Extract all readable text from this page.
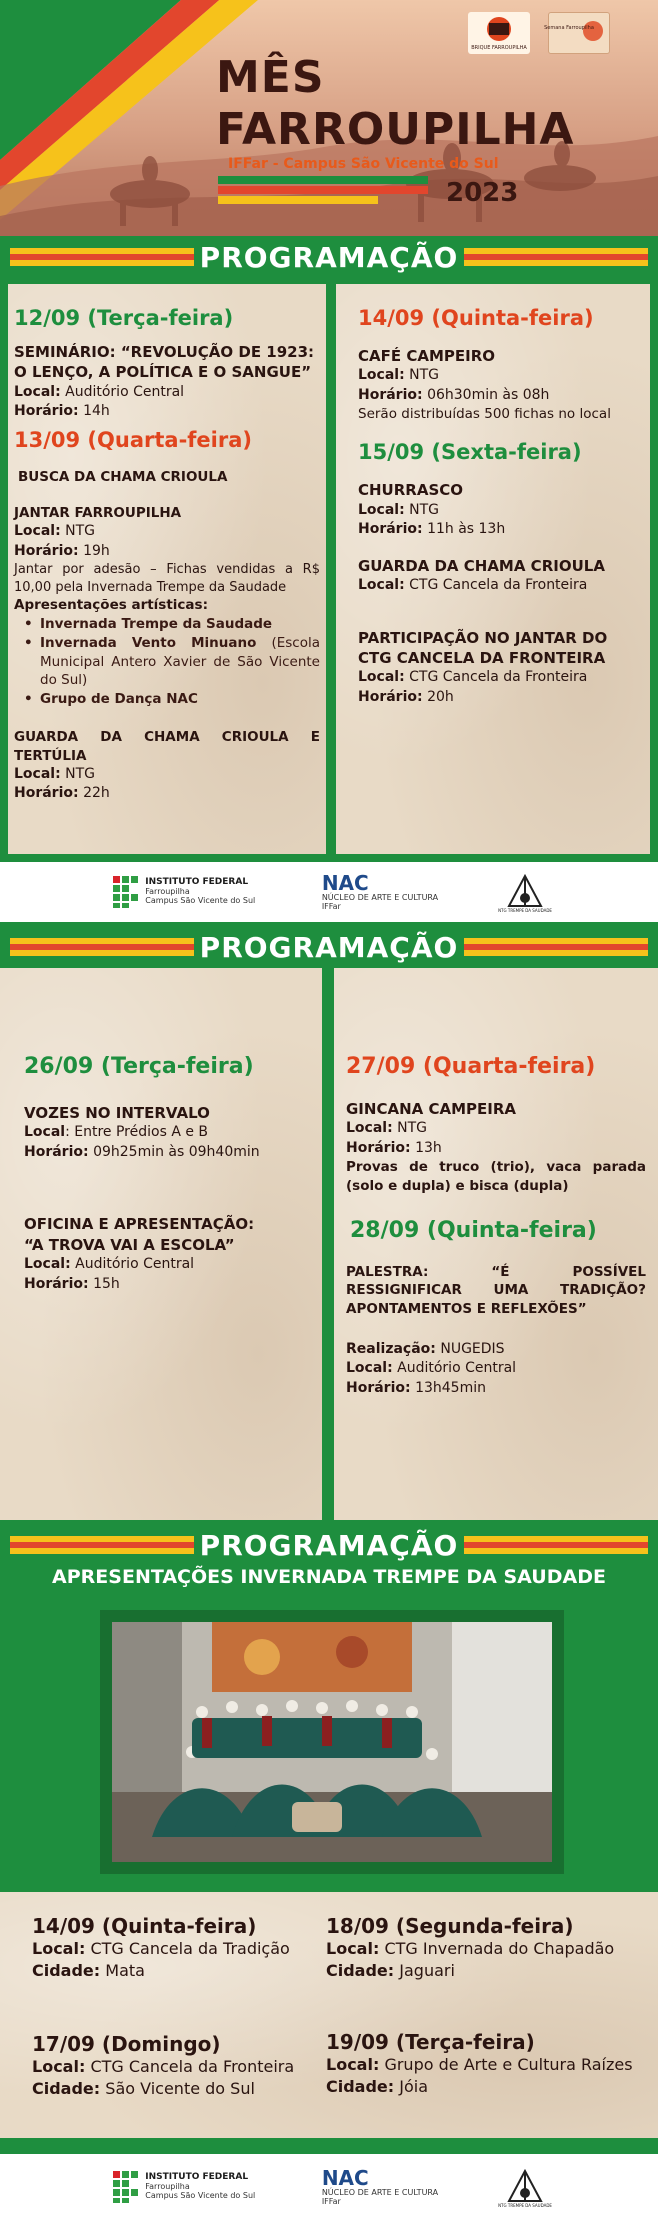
BRIQUE FARROUPILHA
Semana Farroupilha
MÊS
FARROUPILHA
IFFar - Campus São Vicente do Sul
2023
PROGRAMAÇÃO
12/09 (Terça-feira)
SEMINÁRIO: “REVOLUÇÃO DE 1923:
O LENÇO, A POLÍTICA E O SANGUE”
Local: Auditório Central
Horário: 14h
13/09 (Quarta-feira)
BUSCA DA CHAMA CRIOULA
JANTAR FARROUPILHA
Local: NTG
Horário: 19h
Jantar por adesão – Fichas vendidas a R$ 10,00 pela Invernada Trempe da Saudade
Apresentações artísticas:
• Invernada Trempe da Saudade
• Invernada Vento Minuano (Escola Municipal Antero Xavier de São Vicente do Sul)
• Grupo de Dança NAC
GUARDA DA CHAMA CRIOULA E TERTÚLIA
Local: NTG
Horário: 22h
14/09 (Quinta-feira)
CAFÉ CAMPEIRO
Local: NTG
Horário: 06h30min às 08h
Serão distribuídas 500 fichas no local
15/09 (Sexta-feira)
CHURRASCO
Local: NTG
Horário: 11h às 13h
GUARDA DA CHAMA CRIOULA
Local: CTG Cancela da Fronteira
PARTICIPAÇÃO NO JANTAR DO
CTG CANCELA DA FRONTEIRA
Local: CTG Cancela da Fronteira
Horário: 20h
INSTITUTO FEDERAL
Farroupilha
Campus São Vicente do Sul
NAC
NÚCLEO DE ARTE E CULTURA
IFFar	NTG TREMPE DA SAUDADE
PROGRAMAÇÃO
26/09 (Terça-feira)
VOZES NO INTERVALO
Local: Entre Prédios A e B
Horário: 09h25min às 09h40min
OFICINA E APRESENTAÇÃO:
“A TROVA VAI A ESCOLA”
Local: Auditório Central
Horário: 15h
27/09 (Quarta-feira)
GINCANA CAMPEIRA
Local: NTG
Horário: 13h
Provas de truco (trio), vaca parada (solo e dupla) e bisca (dupla)
28/09 (Quinta-feira)
PALESTRA: “É POSSÍVEL RESSIGNIFICAR UMA TRADIÇÃO? APONTAMENTOS E REFLEXÕES”
Realização: NUGEDIS
Local: Auditório Central
Horário: 13h45min
PROGRAMAÇÃO
APRESENTAÇÕES INVERNADA TREMPE DA SAUDADE
14/09 (Quinta-feira)
Local: CTG Cancela da Tradição
Cidade: Mata
18/09 (Segunda-feira)
Local: CTG Invernada do Chapadão
Cidade: Jaguari
17/09 (Domingo)
Local: CTG Cancela da Fronteira
Cidade: São Vicente do Sul
19/09 (Terça-feira)
Local: Grupo de Arte e Cultura Raízes
Cidade: Jóia
INSTITUTO FEDERAL
Farroupilha
Campus São Vicente do Sul
NAC
NÚCLEO DE ARTE E CULTURA
IFFar	NTG TREMPE DA SAUDADE
